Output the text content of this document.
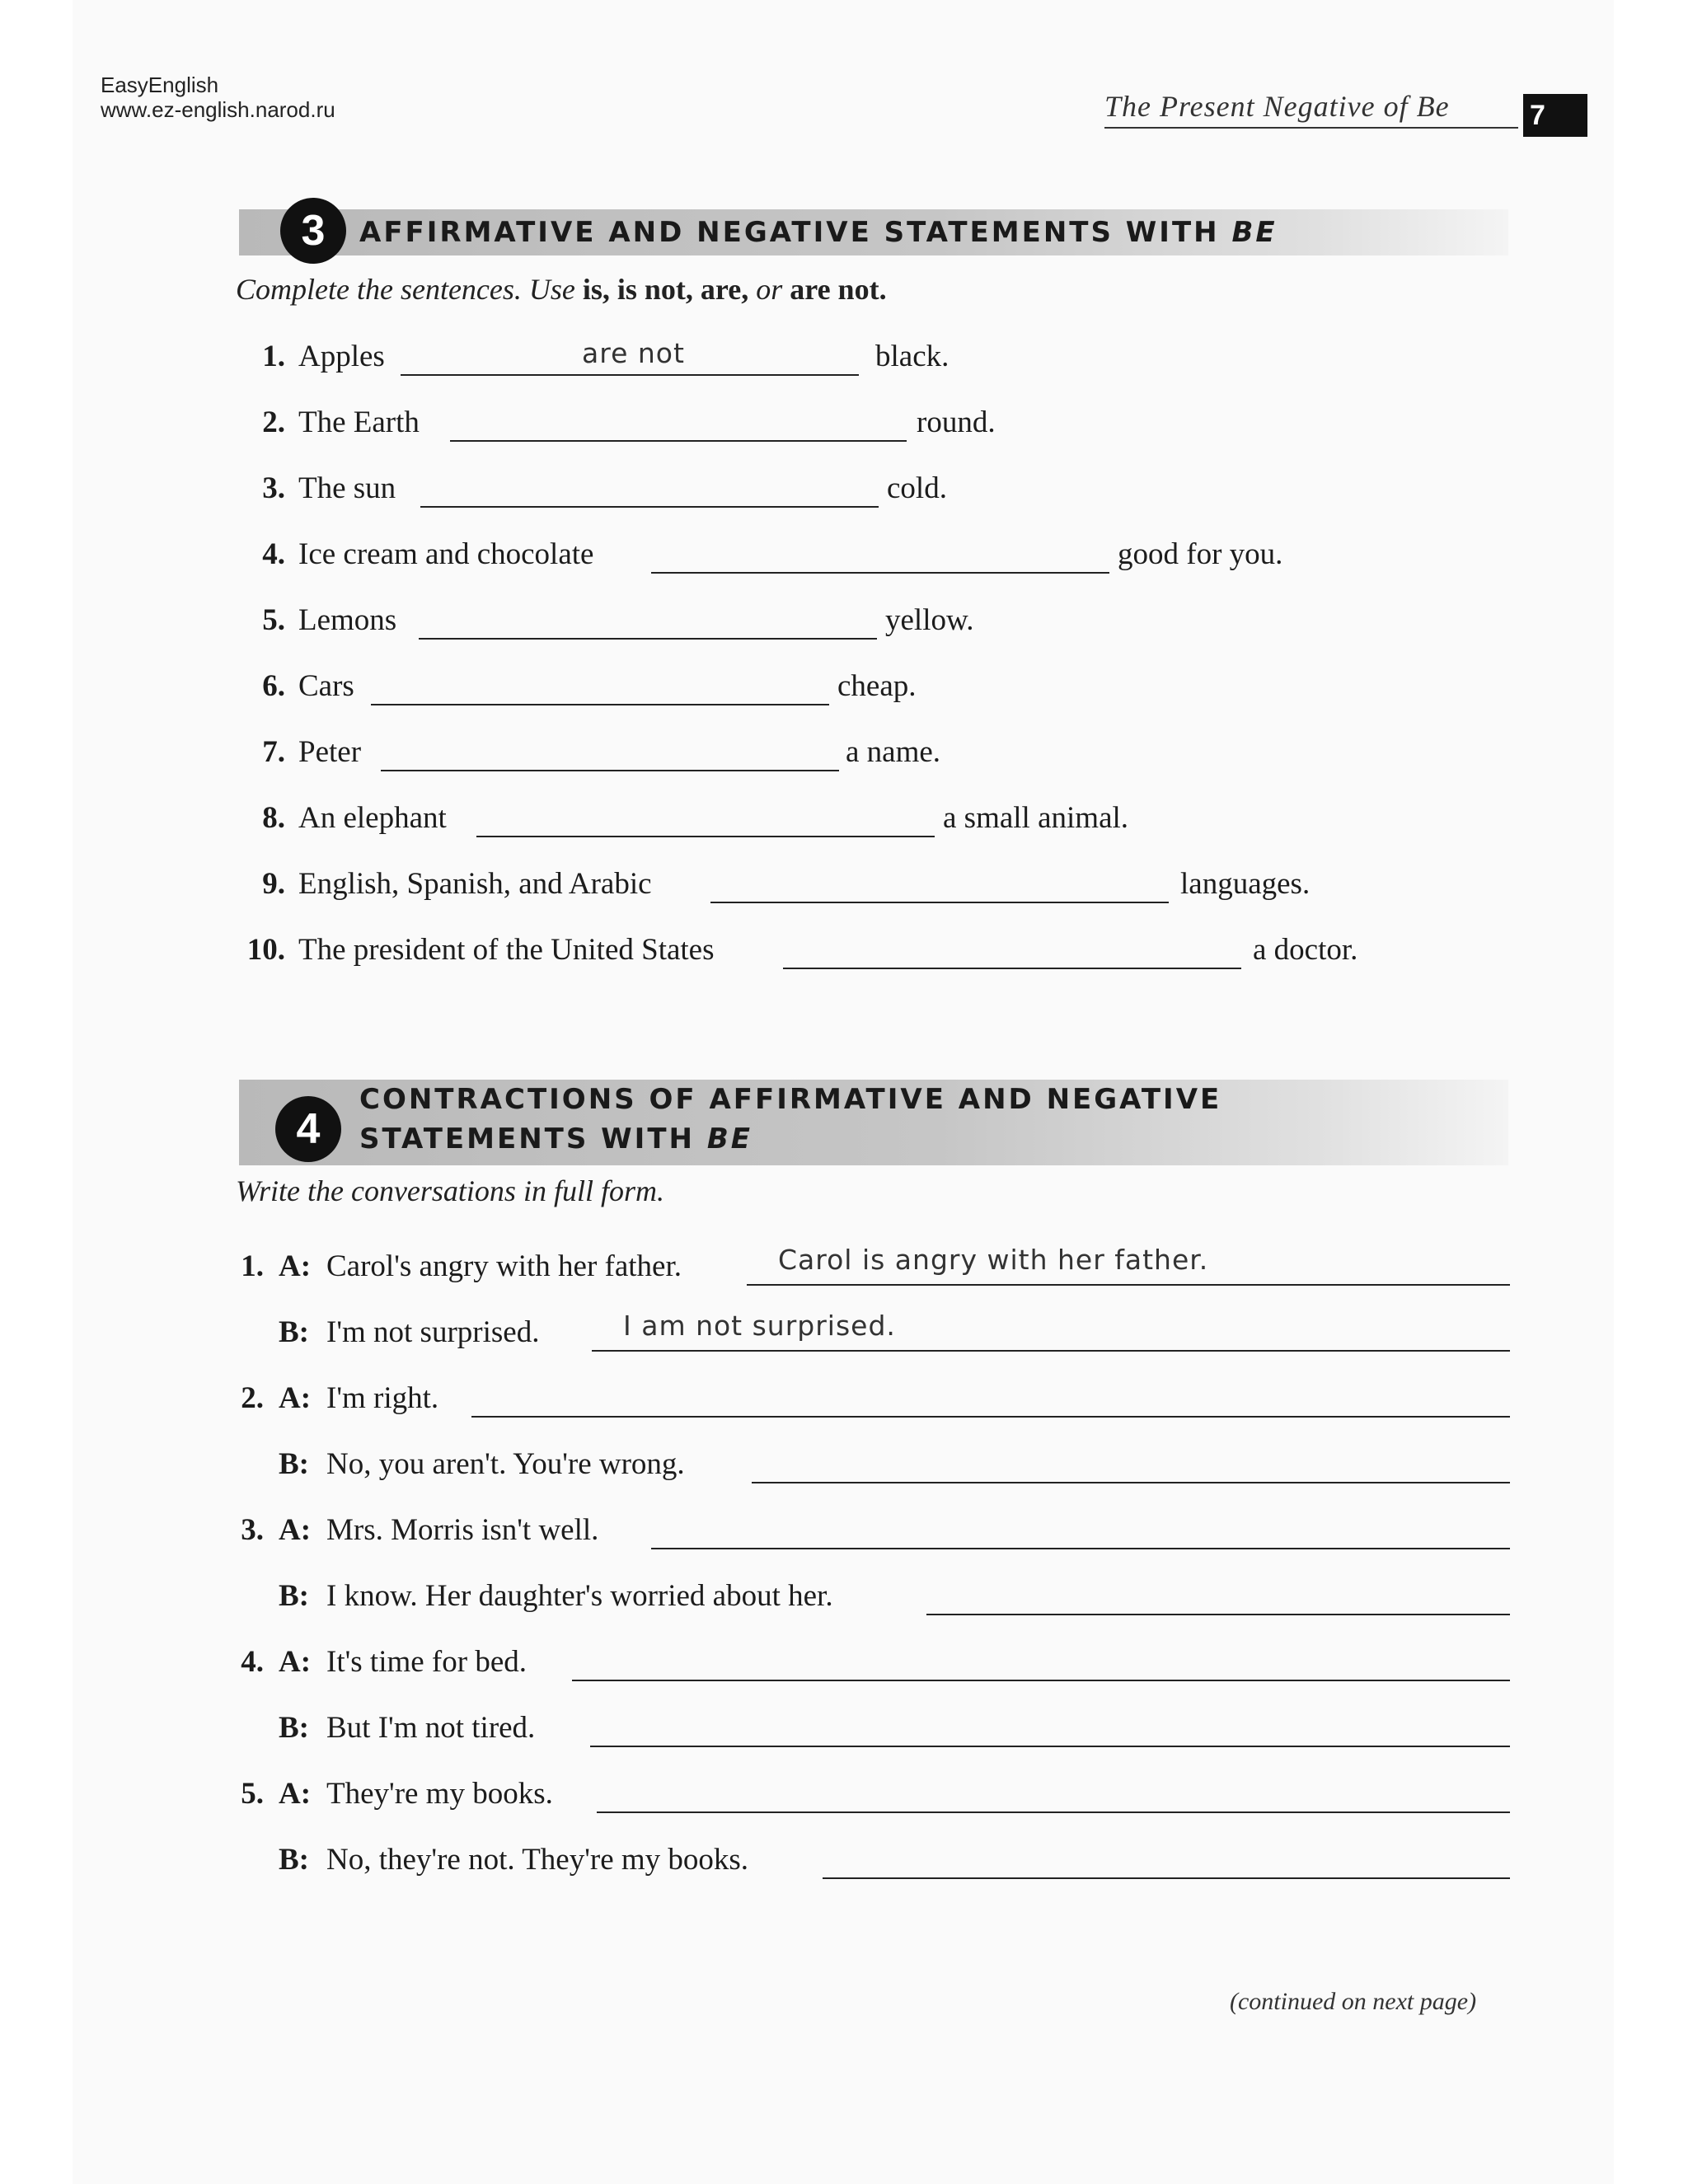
EasyEnglish
www.ez-english.narod.ru	The Present Negative of Be	7
3	AFFIRMATIVE AND NEGATIVE STATEMENTS WITH BE
Complete the sentences. Use is, is not, are, or are not.
1. Apples	are not	black.
2. The Earth	round.
3. The sun	cold.
4. Ice cream and chocolate	good for you.
5. Lemons	yellow.
6. Cars	cheap.
7. Peter	a name.
8. An elephant	a small animal.
9. English, Spanish, and Arabic	languages.
10. The president of the United States	a doctor.
4
CONTRACTIONS OF AFFIRMATIVE AND NEGATIVE
STATEMENTS WITH BE
Write the conversations in full form.
1. A: Carol's angry with her father.	Carol is angry with her father.
B: I'm not surprised.	I am not surprised.
2. A: I'm right.
B: No, you aren't. You're wrong.
3. A: Mrs. Morris isn't well.
B: I know. Her daughter's worried about her.
4. A: It's time for bed.
B: But I'm not tired.
5. A: They're my books.
B: No, they're not. They're my books.
(continued on next page)
